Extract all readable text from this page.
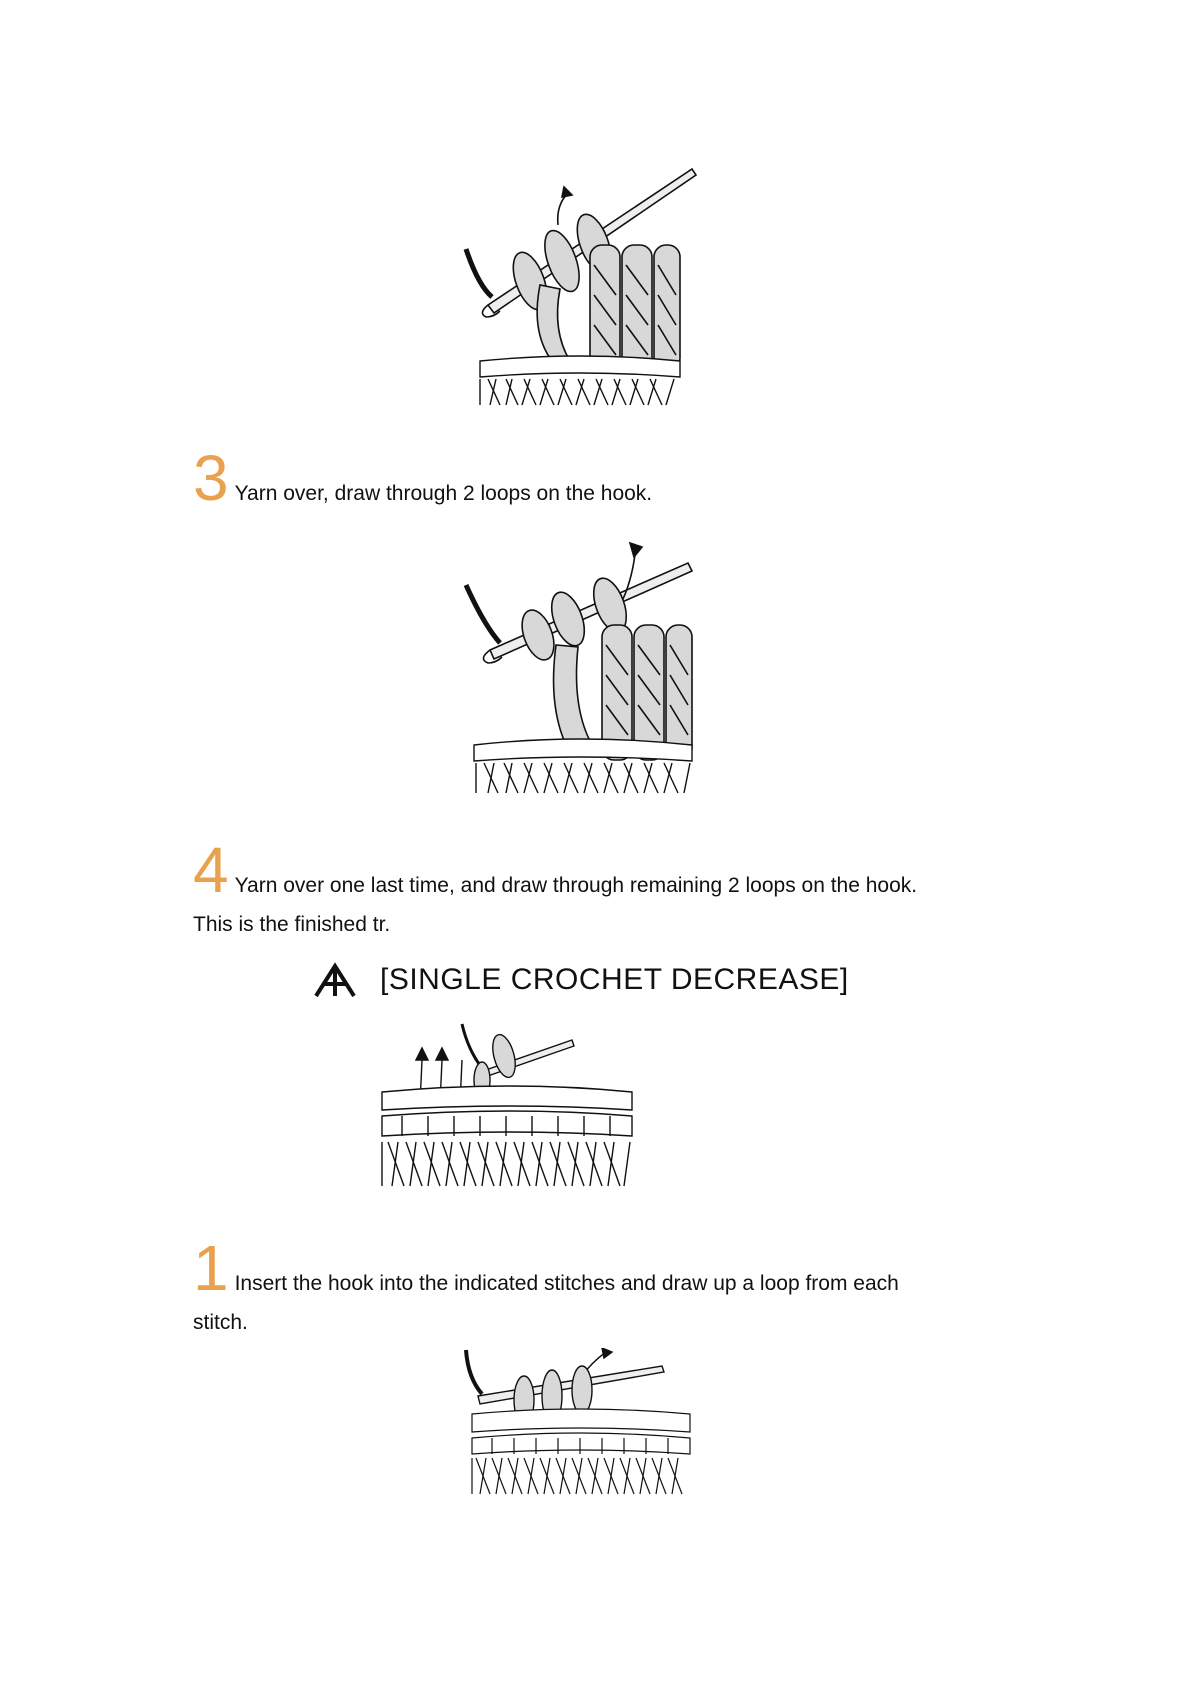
3 Yarn over, draw through 2 loops on the hook.
4 Yarn over one last time, and draw through remaining 2 loops on the hook.
This is the finished tr.
[SINGLE CROCHET DECREASE]
1 Insert the hook into the indicated stitches and draw up a loop from each
stitch.
